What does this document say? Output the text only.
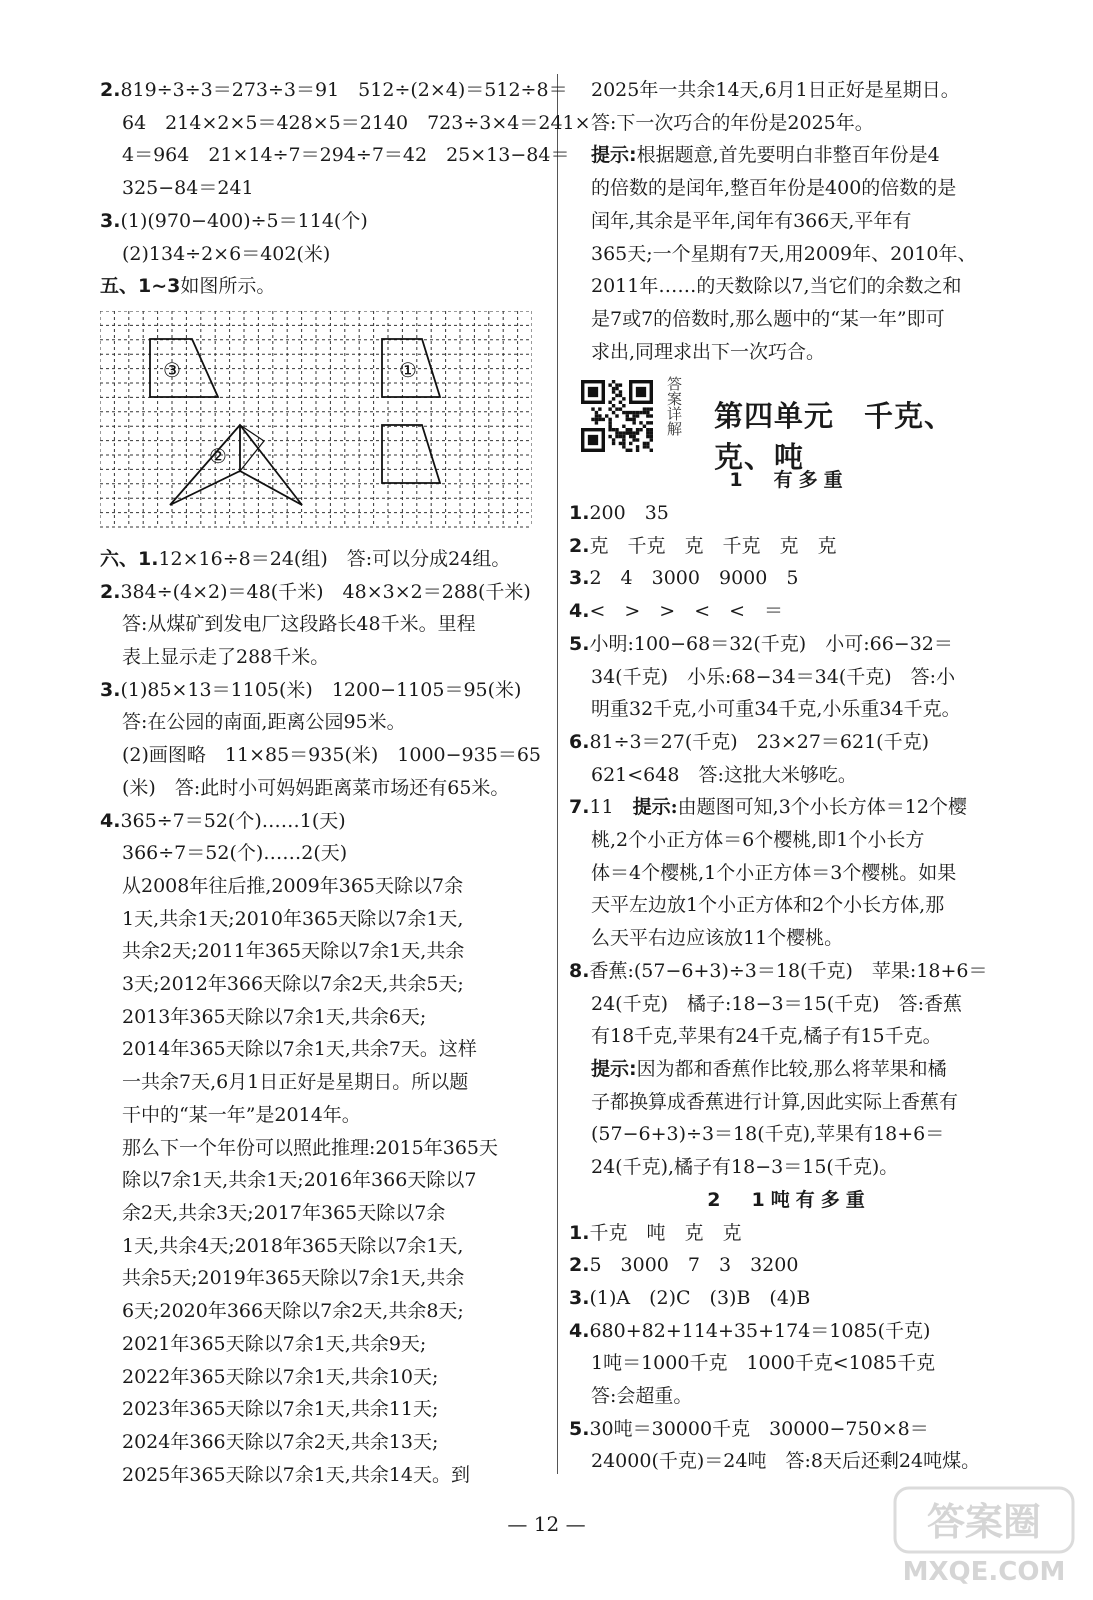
2.819÷3÷3＝273÷3＝91　512÷(2×4)＝512÷8＝
64　214×2×5＝428×5＝2140　723÷3×4＝241×
4＝964　21×14÷7＝294÷7＝42　25×13−84＝
325−84＝241
3.(1)(970−400)÷5＝114(个)
(2)134÷2×6＝402(米)
五、1~3如图所示。
③	①
②
六、1.12×16÷8＝24(组)　答:可以分成24组。
2.384÷(4×2)＝48(千米)　48×3×2＝288(千米)
答:从煤矿到发电厂这段路长48千米。里程
表上显示走了288千米。
3.(1)85×13＝1105(米)　1200−1105＝95(米)
答:在公园的南面,距离公园95米。
(2)画图略　11×85＝935(米)　1000−935＝65
(米)　答:此时小可妈妈距离菜市场还有65米。
4.365÷7＝52(个)……1(天)
366÷7＝52(个)……2(天)
从2008年往后推,2009年365天除以7余
1天,共余1天;2010年365天除以7余1天,
共余2天;2011年365天除以7余1天,共余
3天;2012年366天除以7余2天,共余5天;
2013年365天除以7余1天,共余6天;
2014年365天除以7余1天,共余7天。这样
一共余7天,6月1日正好是星期日。所以题
干中的“某一年”是2014年。
那么下一个年份可以照此推理:2015年365天
除以7余1天,共余1天;2016年366天除以7
余2天,共余3天;2017年365天除以7余
1天,共余4天;2018年365天除以7余1天,
共余5天;2019年365天除以7余1天,共余
6天;2020年366天除以7余2天,共余8天;
2021年365天除以7余1天,共余9天;
2022年365天除以7余1天,共余10天;
2023年365天除以7余1天,共余11天;
2024年366天除以7余2天,共余13天;
2025年365天除以7余1天,共余14天。到
2025年一共余14天,6月1日正好是星期日。
答:下一次巧合的年份是2025年。
提示:根据题意,首先要明白非整百年份是4
的倍数的是闰年,整百年份是400的倍数的是
闰年,其余是平年,闰年有366天,平年有
365天;一个星期有7天,用2009年、2010年、
2011年……的天数除以7,当它们的余数之和
是7或7的倍数时,那么题中的“某一年”即可
求出,同理求出下一次巧合。
答案详解 第四单元　千克、克、吨
1　有多重
1.200　35
2.克　千克　克　千克　克　克
3.2　4　3000　9000　5
4.<　>　>　<　<　＝
5.小明:100−68＝32(千克)　小可:66−32＝
34(千克)　小乐:68−34＝34(千克)　答:小
明重32千克,小可重34千克,小乐重34千克。
6.81÷3＝27(千克)　23×27＝621(千克)
621<648　答:这批大米够吃。
7.11　提示:由题图可知,3个小长方体＝12个樱
桃,2个小正方体＝6个樱桃,即1个小长方
体＝4个樱桃,1个小正方体＝3个樱桃。如果
天平左边放1个小正方体和2个小长方体,那
么天平右边应该放11个樱桃。
8.香蕉:(57−6+3)÷3＝18(千克)　苹果:18+6＝
24(千克)　橘子:18−3＝15(千克)　答:香蕉
有18千克,苹果有24千克,橘子有15千克。
提示:因为都和香蕉作比较,那么将苹果和橘
子都换算成香蕉进行计算,因此实际上香蕉有
(57−6+3)÷3＝18(千克),苹果有18+6＝
24(千克),橘子有18−3＝15(千克)。
2　1吨有多重
1.千克　吨　克　克
2.5　3000　7　3　3200
3.(1)A　(2)C　(3)B　(4)B
4.680+82+114+35+174＝1085(千克)
1吨＝1000千克　1000千克<1085千克
答:会超重。
5.30吨＝30000千克　30000−750×8＝
24000(千克)＝24吨　答:8天后还剩24吨煤。
— 12 —	答案圈
MXQE.COM
